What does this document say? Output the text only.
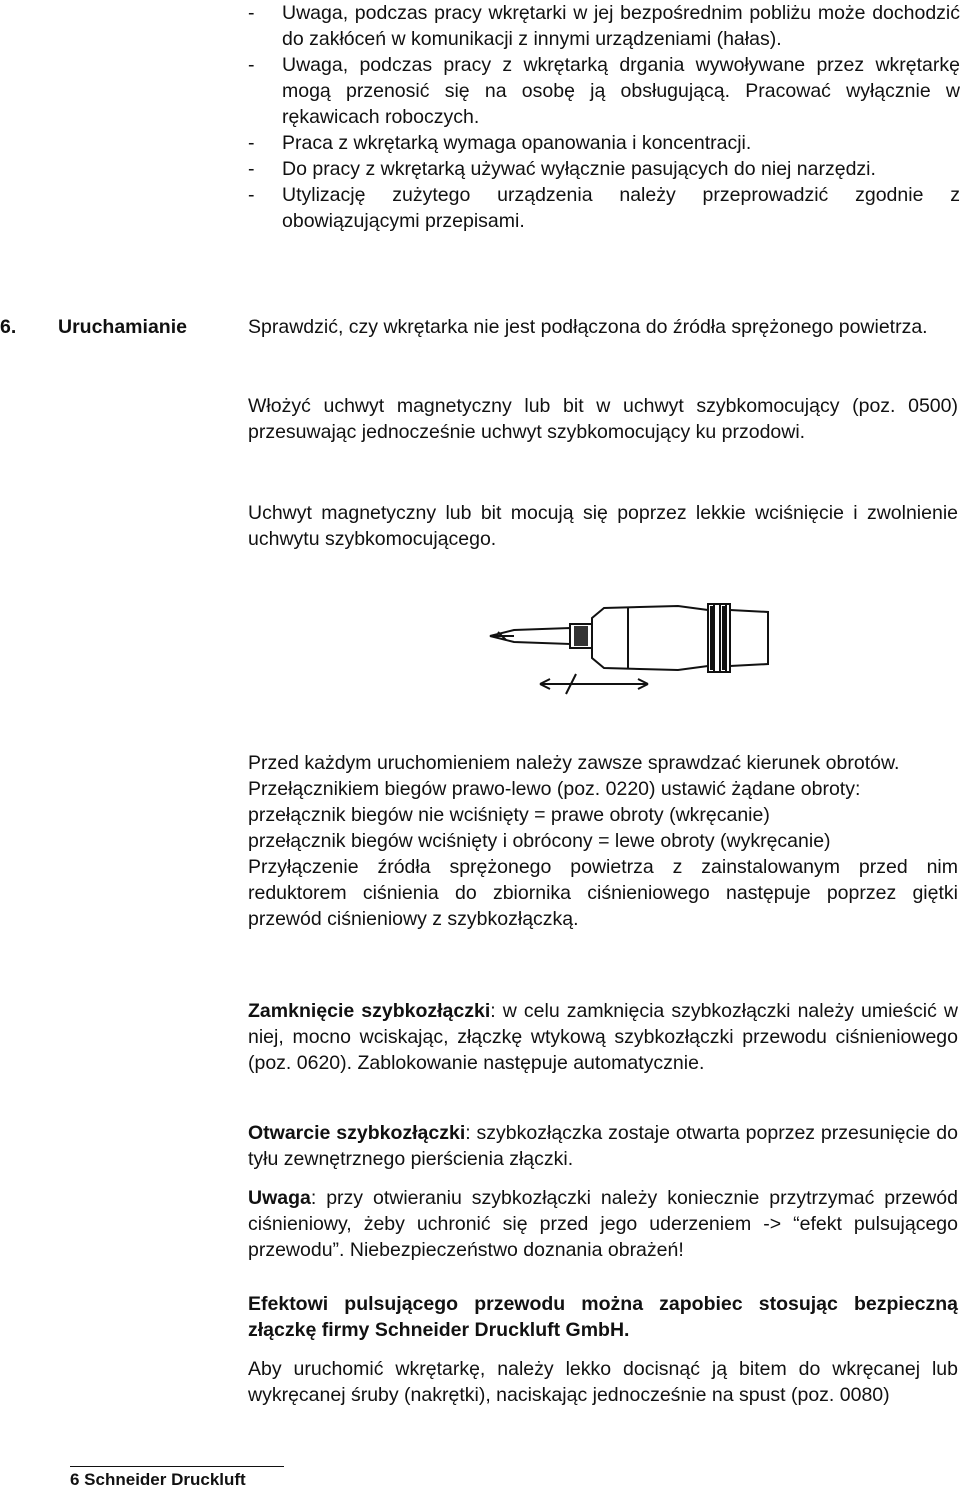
- Uwaga, podczas pracy wkrętarki w jej bezpośrednim pobliżu może dochodzić do zakłóceń w komunikacji z innymi urządzeniami (hałas).
- Uwaga, podczas pracy z wkrętarką drgania wywoływane przez wkrętarkę mogą przenosić się na osobę ją obsługującą. Pracować wyłącznie w rękawicach roboczych.
- Praca z wkrętarką wymaga opanowania i koncentracji.
- Do pracy z wkrętarką używać wyłącznie pasujących do niej narzędzi.
- Utylizację zużytego urządzenia należy przeprowadzić zgodnie z obowiązującymi przepisami.
6. Uruchamianie	Sprawdzić, czy wkrętarka nie jest podłączona do źródła sprężonego powietrza.

Włożyć uchwyt magnetyczny lub bit w uchwyt szybkomocujący (poz. 0500) przesuwając jednocześnie uchwyt szybkomocujący ku przodowi.

Uchwyt magnetyczny lub bit mocują się poprzez lekkie wciśnięcie i zwolnienie uchwytu szybkomocującego.

Przed każdym uruchomieniem należy zawsze sprawdzać kierunek obrotów.
Przełącznikiem biegów prawo-lewo (poz. 0220) ustawić żądane obroty:
przełącznik biegów nie wciśnięty = prawe obroty (wkręcanie)
przełącznik biegów wciśnięty i obrócony = lewe obroty (wykręcanie)
Przyłączenie źródła sprężonego powietrza z zainstalowanym przed nim reduktorem ciśnienia do zbiornika ciśnieniowego następuje poprzez giętki przewód ciśnieniowy z szybkozłączką.

Zamknięcie szybkozłączki: w celu zamknięcia szybkozłączki należy umieścić w niej, mocno wciskając, złączkę wtykową szybkozłączki przewodu ciśnieniowego (poz. 0620). Zablokowanie następuje automatycznie.

Otwarcie szybkozłączki: szybkozłączka zostaje otwarta poprzez przesunięcie do tyłu zewnętrznego pierścienia złączki.

Uwaga: przy otwieraniu szybkozłączki należy koniecznie przytrzymać przewód ciśnieniowy, żeby uchronić się przed jego uderzeniem -> “efekt pulsującego przewodu”. Niebezpieczeństwo doznania obrażeń!

Efektowi pulsującego przewodu można zapobiec stosując bezpieczną złączkę firmy Schneider Druckluft GmbH.

Aby uruchomić wkrętarkę, należy lekko docisnąć ją bitem do wkręcanej lub wykręcanej śruby (nakrętki), naciskając jednocześnie na spust (poz. 0080)

6 Schneider Druckluft
